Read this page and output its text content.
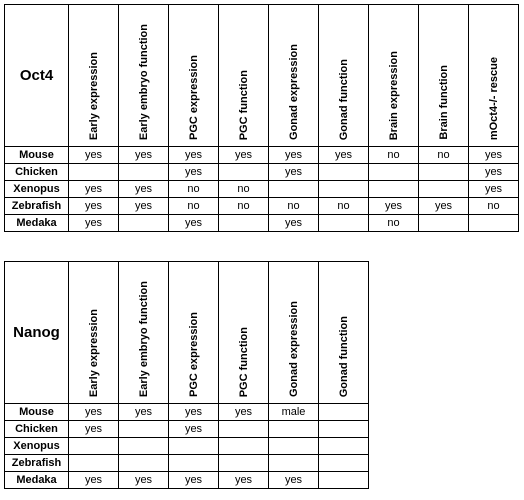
Oct4	Early expression	Early embryo function	PGC expression	PGC function	Gonad expression	Gonad function	Brain expression	Brain function	mOct4-/- rescue

Mouse	yes	yes	yes	yes	yes	yes	no	no	yes
Chicken			yes		yes				yes
Xenopus	yes	yes	no	no					yes
Zebrafish	yes	yes	no	no	no	no	yes	yes	no
Medaka	yes		yes		yes		no		
Nanog	Early expression	Early embryo function	PGC expression	PGC function	Gonad expression	Gonad function

Mouse	yes	yes	yes	yes	male	
Chicken	yes		yes			
Xenopus						
Zebrafish						
Medaka	yes	yes	yes	yes	yes	
